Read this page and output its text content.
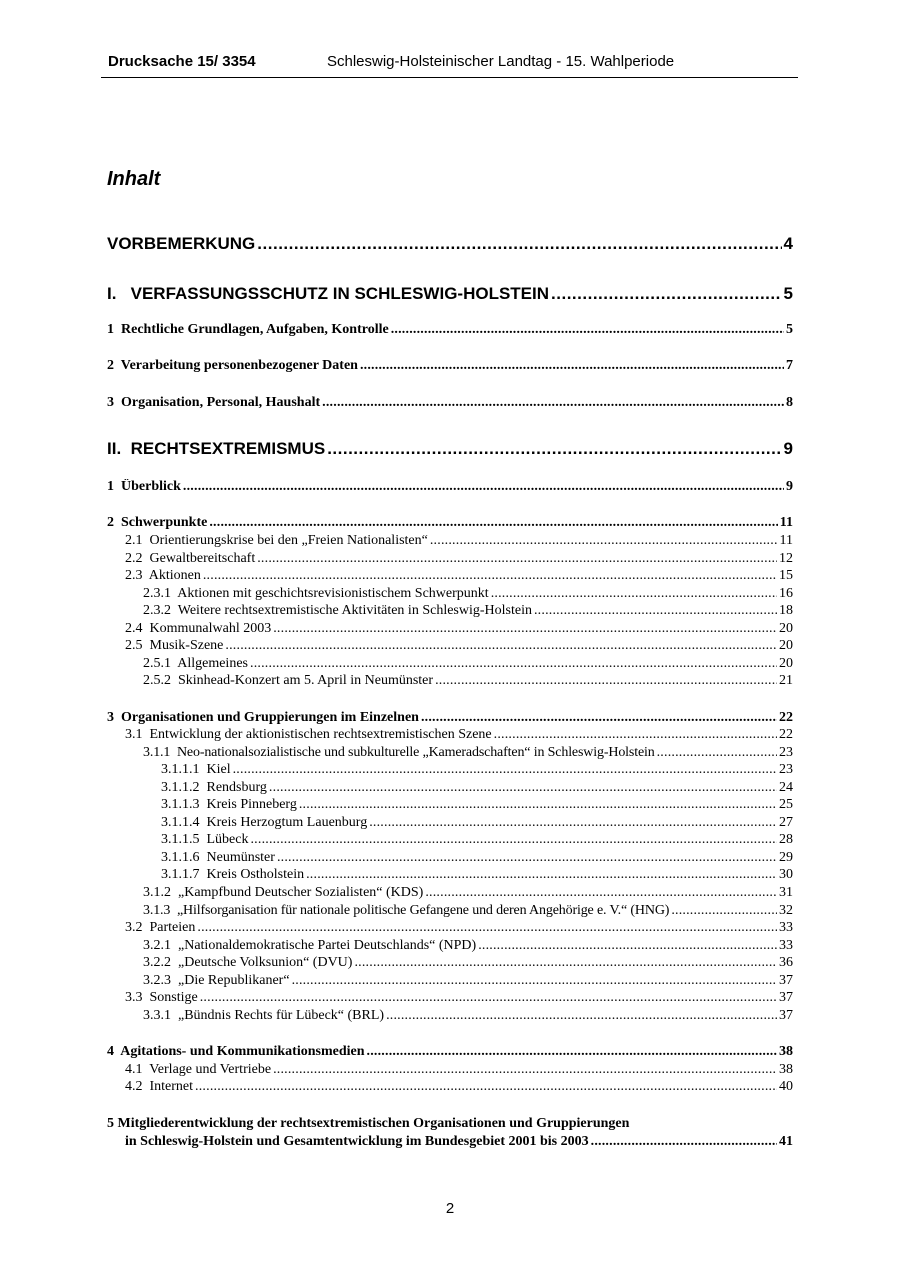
Drucksache 15/ 3354	Schleswig-Holsteinischer Landtag - 15. Wahlperiode
Inhalt
VORBEMERKUNG .....	4
I.   VERFASSUNGSSCHUTZ IN SCHLESWIG-HOLSTEIN .....	5
1  Rechtliche Grundlagen, Aufgaben, Kontrolle .....	5
2  Verarbeitung personenbezogener Daten .....	7
3  Organisation, Personal, Haushalt .....	8
II.  RECHTSEXTREMISMUS .....	9
1  Überblick .....	9
2  Schwerpunkte .....	11
2.1  Orientierungskrise bei den „Freien Nationalisten“ .....	11
2.2  Gewaltbereitschaft .....	12
2.3  Aktionen .....	15
2.3.1  Aktionen mit geschichtsrevisionistischem Schwerpunkt .....	16
2.3.2  Weitere rechtsextremistische Aktivitäten in Schleswig-Holstein .....	18
2.4  Kommunalwahl 2003 .....	20
2.5  Musik-Szene .....	20
2.5.1  Allgemeines .....	20
2.5.2  Skinhead-Konzert am 5. April in Neumünster .....	21
3  Organisationen und Gruppierungen im Einzelnen .....	22
3.1  Entwicklung der aktionistischen rechtsextremistischen Szene .....	22
3.1.1  Neo-nationalsozialistische und subkulturelle „Kameradschaften“ in Schleswig-Holstein .....	23
3.1.1.1  Kiel .....	23
3.1.1.2  Rendsburg .....	24
3.1.1.3  Kreis Pinneberg .....	25
3.1.1.4  Kreis Herzogtum Lauenburg .....	27
3.1.1.5  Lübeck .....	28
3.1.1.6  Neumünster .....	29
3.1.1.7  Kreis Ostholstein .....	30
3.1.2  „Kampfbund Deutscher Sozialisten“ (KDS) .....	31
3.1.3  „Hilfsorganisation für nationale politische Gefangene und deren Angehörige e. V.“ (HNG) .....	32
3.2  Parteien .....	33
3.2.1  „Nationaldemokratische Partei Deutschlands“ (NPD) .....	33
3.2.2  „Deutsche Volksunion“ (DVU) .....	36
3.2.3  „Die Republikaner“ .....	37
3.3  Sonstige .....	37
3.3.1  „Bündnis Rechts für Lübeck“ (BRL) .....	37
4  Agitations- und Kommunikationsmedien .....	38
4.1  Verlage und Vertriebe .....	38
4.2  Internet .....	40
5 Mitgliederentwicklung der rechtsextremistischen Organisationen und Gruppierungen
in Schleswig-Holstein und Gesamtentwicklung im Bundesgebiet 2001 bis 2003 .....	41
2
